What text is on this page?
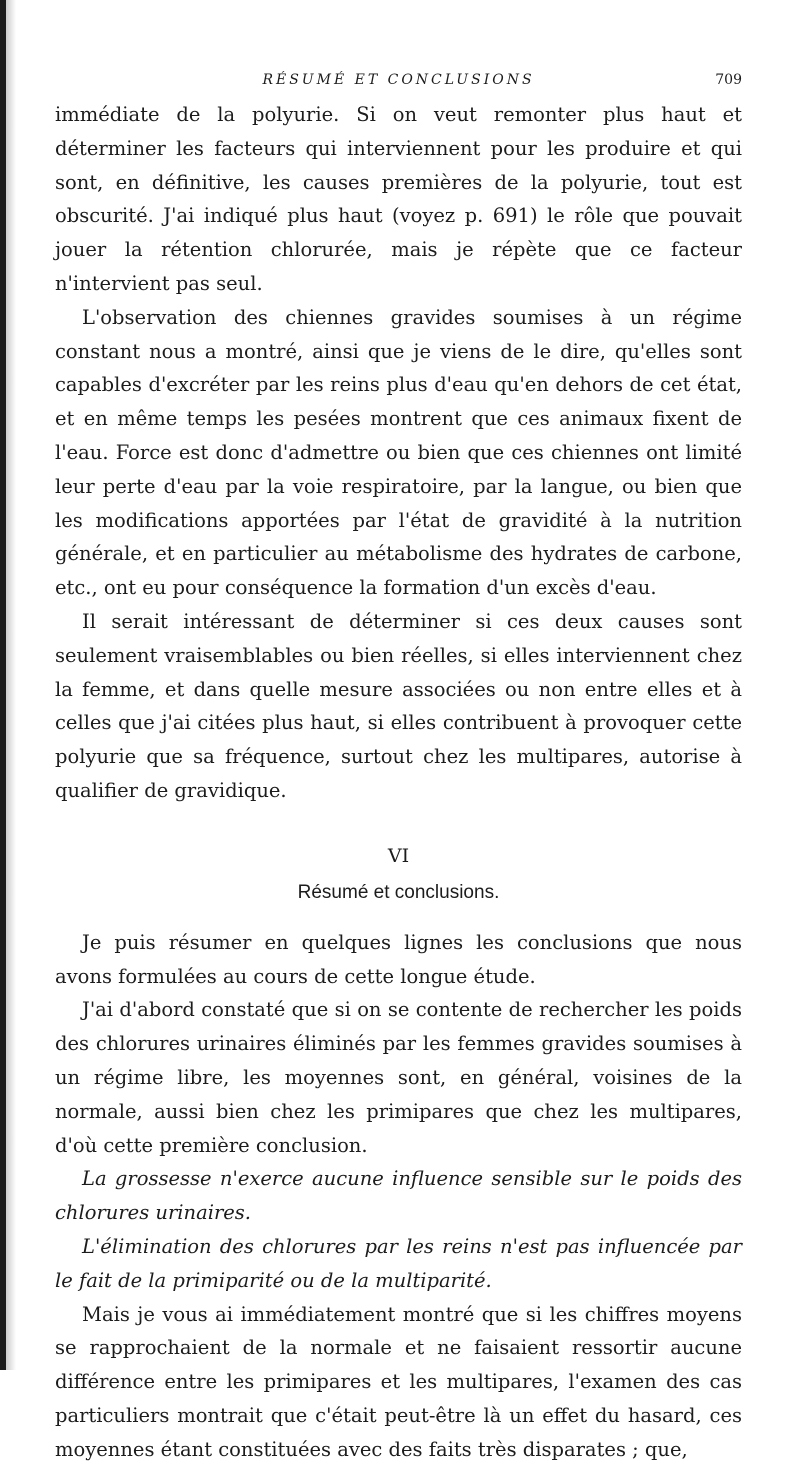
RÉSUMÉ ET CONCLUSIONS	709

immédiate de la polyurie. Si on veut remonter plus haut et déterminer les facteurs qui interviennent pour les produire et qui sont, en définitive, les causes premières de la polyurie, tout est obscurité. J'ai indiqué plus haut (voyez p. 691) le rôle que pouvait jouer la rétention chlorurée, mais je répète que ce facteur n'intervient pas seul.

L'observation des chiennes gravides soumises à un régime constant nous a montré, ainsi que je viens de le dire, qu'elles sont capables d'excréter par les reins plus d'eau qu'en dehors de cet état, et en même temps les pesées montrent que ces animaux fixent de l'eau. Force est donc d'admettre ou bien que ces chiennes ont limité leur perte d'eau par la voie respiratoire, par la langue, ou bien que les modifications apportées par l'état de gravidité à la nutrition générale, et en particulier au métabolisme des hydrates de carbone, etc., ont eu pour conséquence la formation d'un excès d'eau.

Il serait intéressant de déterminer si ces deux causes sont seulement vraisemblables ou bien réelles, si elles interviennent chez la femme, et dans quelle mesure associées ou non entre elles et à celles que j'ai citées plus haut, si elles contribuent à provoquer cette polyurie que sa fréquence, surtout chez les multipares, autorise à qualifier de gravidique.

VI
Résumé et conclusions.

Je puis résumer en quelques lignes les conclusions que nous avons formulées au cours de cette longue étude.

J'ai d'abord constaté que si on se contente de rechercher les poids des chlorures urinaires éliminés par les femmes gravides soumises à un régime libre, les moyennes sont, en général, voisines de la normale, aussi bien chez les primipares que chez les multipares, d'où cette première conclusion.

La grossesse n'exerce aucune influence sensible sur le poids des chlorures urinaires.

L'élimination des chlorures par les reins n'est pas influencée par le fait de la primiparité ou de la multiparité.

Mais je vous ai immédiatement montré que si les chiffres moyens se rapprochaient de la normale et ne faisaient ressortir aucune différence entre les primipares et les multipares, l'examen des cas particuliers montrait que c'était peut-être là un effet du hasard, ces moyennes étant constituées avec des faits très disparates ; que,
